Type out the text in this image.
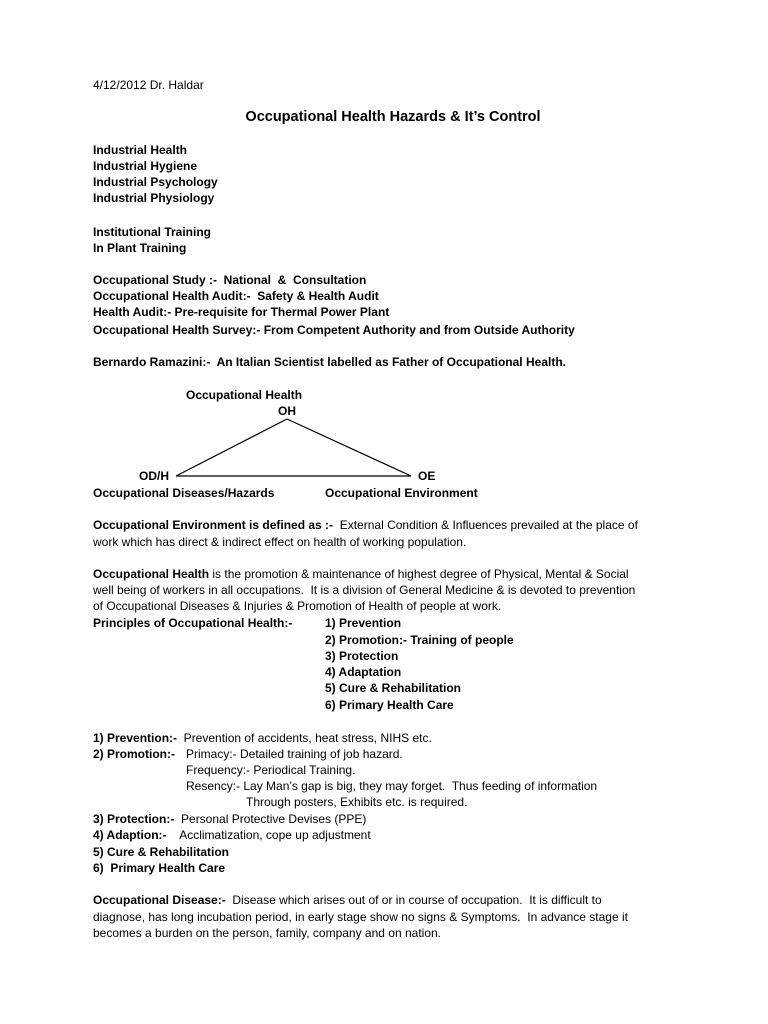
4/12/2012 Dr. Haldar
Occupational Health Hazards & It’s Control
Industrial Health
Industrial Hygiene
Industrial Psychology
Industrial Physiology
Institutional Training
In Plant Training
Occupational Study :-  National  &  Consultation
Occupational Health Audit:-  Safety & Health Audit
Health Audit:- Pre-requisite for Thermal Power Plant
Occupational Health Survey:- From Competent Authority and from Outside Authority
Bernardo Ramazini:-  An Italian Scientist labelled as Father of Occupational Health.
Occupational Health
OH
OD/H	OE
Occupational Diseases/Hazards	Occupational Environment
Occupational Environment is defined as :-  External Condition & Influences prevailed at the place of
work which has direct & indirect effect on health of working population.
Occupational Health is the promotion & maintenance of highest degree of Physical, Mental & Social
well being of workers in all occupations.  It is a division of General Medicine & is devoted to prevention
of Occupational Diseases & Injuries & Promotion of Health of people at work.
Principles of Occupational Health:-	1) Prevention
2) Promotion:- Training of people
3) Protection
4) Adaptation
5) Cure & Rehabilitation
6) Primary Health Care
1) Prevention:-  Prevention of accidents, heat stress, NIHS etc.
2) Promotion:- Primacy:- Detailed training of job hazard.
Frequency:- Periodical Training.
Resency:- Lay Man’s gap is big, they may forget.  Thus feeding of information
Through posters, Exhibits etc. is required.
3) Protection:-  Personal Protective Devises (PPE)
4) Adaption:-    Acclimatization, cope up adjustment
5) Cure & Rehabilitation
6)  Primary Health Care
Occupational Disease:-  Disease which arises out of or in course of occupation.  It is difficult to
diagnose, has long incubation period, in early stage show no signs & Symptoms.  In advance stage it
becomes a burden on the person, family, company and on nation.
